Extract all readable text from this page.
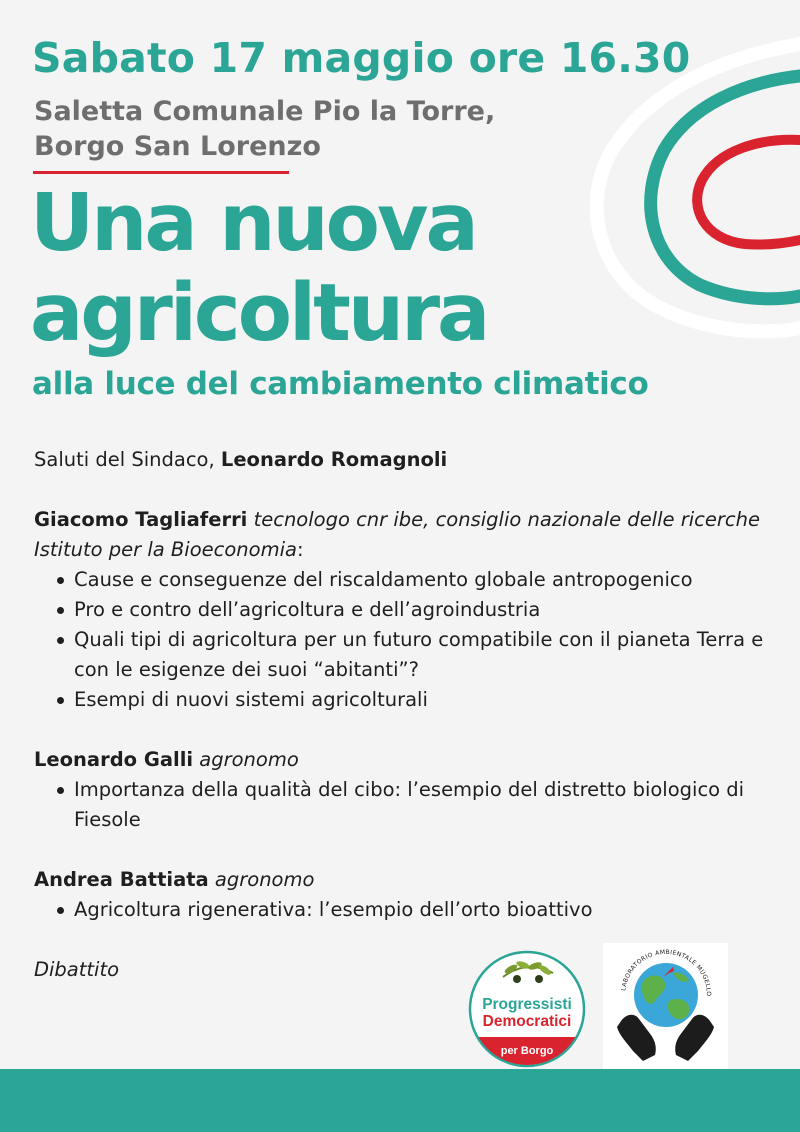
Sabato 17 maggio ore 16.30
Saletta Comunale Pio la Torre,
Borgo San Lorenzo
Una nuova
agricoltura
alla luce del cambiamento climatico

Saluti del Sindaco, Leonardo Romagnoli

Giacomo Tagliaferri tecnologo cnr ibe, consiglio nazionale delle ricerche Istituto per la Bioeconomia:

Cause e conseguenze del riscaldamento globale antropogenico
Pro e contro dell’agricoltura e dell’agroindustria
Quali tipi di agricoltura per un futuro compatibile con il pianeta Terra e con le esigenze dei suoi “abitanti”?
Esempi di nuovi sistemi agricolturali

Leonardo Galli agronomo

Importanza della qualità del cibo: l’esempio del distretto biologico di Fiesole

Andrea Battiata agronomo

Agricoltura rigenerativa: l’esempio dell’orto bioattivo

Dibattito

Progressisti
Democratici
per Borgo
LABORATORIO AMBIENTALE MUGELLO
